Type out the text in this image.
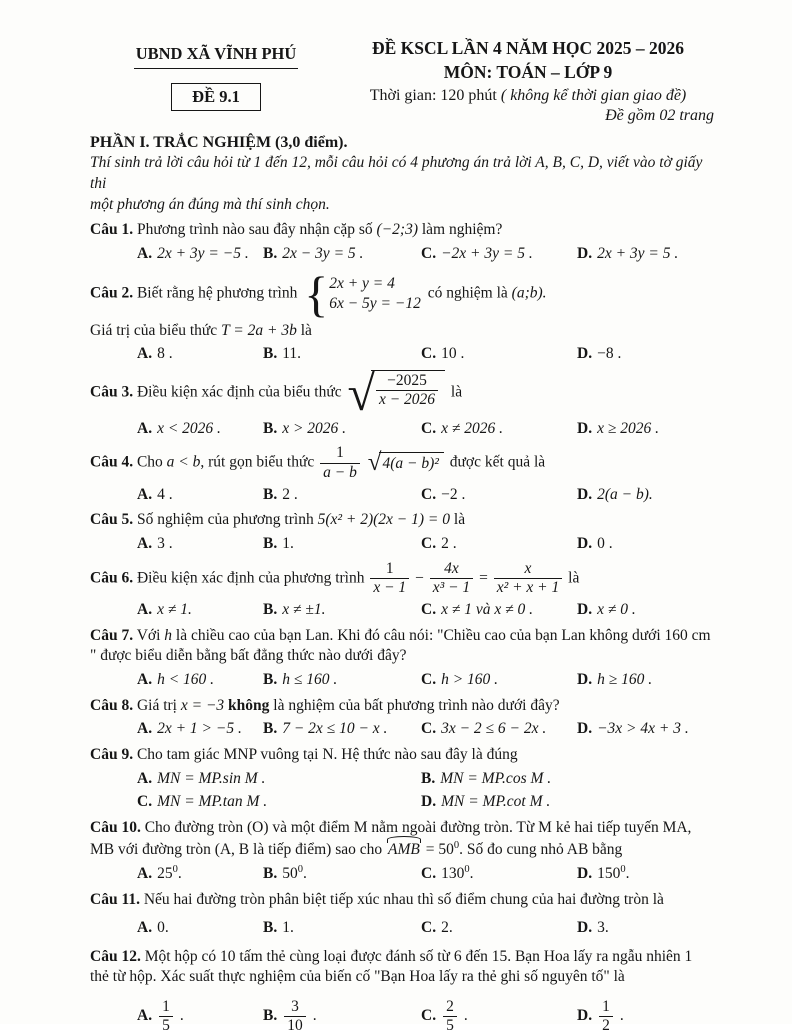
UBND XÃ VĨNH PHÚ
ĐỀ 9.1
ĐỀ KSCL LẦN 4 NĂM HỌC 2025 – 2026
MÔN: TOÁN – LỚP 9
Thời gian: 120 phút ( không kể thời gian giao đề)
Đề gồm 02 trang
PHẦN I. TRẮC NGHIỆM (3,0 điểm).
Thí sinh trả lời câu hỏi từ 1 đến 12, mỗi câu hỏi có 4 phương án trả lời A, B, C, D, viết vào tờ giấy thi
một phương án đúng mà thí sinh chọn.
Câu 1. Phương trình nào sau đây nhận cặp số (−2;3) làm nghiệm?
A. 2x + 3y = −5 . B. 2x − 3y = 5 .	C. −2x + 3y = 5 .	D. 2x + 3y = 5 .
Câu 2. Biết rằng hệ phương trình { 2x + y = 4
6x − 5y = −12
có nghiệm là (a;b).
Giá trị của biểu thức T = 2a + 3b là
A. 8 .	B. 11.	C. 10 .	D. −8 .
Câu 3. Điều kiện xác định của biểu thức √ $\frac{-2025}{x - 2026}$ là
A. x < 2026 .	B. x > 2026 .	C. x ≠ 2026 .	D. x ≥ 2026 .
Câu 4. Cho a < b, rút gọn biểu thức $\frac{1}{a - b}$
√ 4(a − b)² được kết quả là
A. 4 .	B. 2 .	C. −2 .	D. 2(a − b).
Câu 5. Số nghiệm của phương trình 5(x² + 2)(2x − 1) = 0 là
A. 3 .	B. 1.	C. 2 .	D. 0 .
Câu 6. Điều kiện xác định của phương trình $\frac{1}{x - 1} - \frac{4x}{\text{x³ − 1}} = \frac{x}{\text{x² + x + 1}}$ là
A. x ≠ 1.	B. x ≠ ±1.	C. x ≠ 1 và x ≠ 0 .	D. x ≠ 0 .
Câu 7. Với h là chiều cao của bạn Lan. Khi đó câu nói: "Chiều cao của bạn Lan không dưới 160 cm " được biểu diễn bằng bất đẳng thức nào dưới đây?
A. h < 160 .	B. h ≤ 160 .	C. h > 160 .	D. h ≥ 160 .
Câu 8. Giá trị x = −3 không là nghiệm của bất phương trình nào dưới đây?
A. 2x + 1 > −5 . B. 7 − 2x ≤ 10 − x . C. 3x − 2 ≤ 6 − 2x . D. −3x > 4x + 3 .
Câu 9. Cho tam giác MNP vuông tại N. Hệ thức nào sau đây là đúng
A. MN = MP.sin M .	B. MN = MP.cos M .
C. MN = MP.tan M .	D. MN = MP.cot M .
Câu 10. Cho đường tròn (O) và một điểm M nằm ngoài đường tròn. Từ M kẻ hai tiếp tuyến MA, MB với đường tròn (A, B là tiếp điểm) sao cho AMB = $50^0$. Số đo cung nhỏ AB bằng
A. $25^0$.	B. $50^0$.	C. $130^0$.	D. $150^0$.
Câu 11. Nếu hai đường tròn phân biệt tiếp xúc nhau thì số điểm chung của hai đường tròn là
A. 0.	B. 1.	C. 2.	D. 3.
Câu 12. Một hộp có 10 tấm thẻ cùng loại được đánh số từ 6 đến 15. Bạn Hoa lấy ra ngẫu nhiên 1 thẻ từ hộp. Xác suất thực nghiệm của biến cố "Bạn Hoa lấy ra thẻ ghi số nguyên tố" là
A. $\frac{1}{5}$ .	B. $\frac{3}{10}$ .	C. $\frac{2}{5}$ .	D. $\frac{1}{2}$ .
